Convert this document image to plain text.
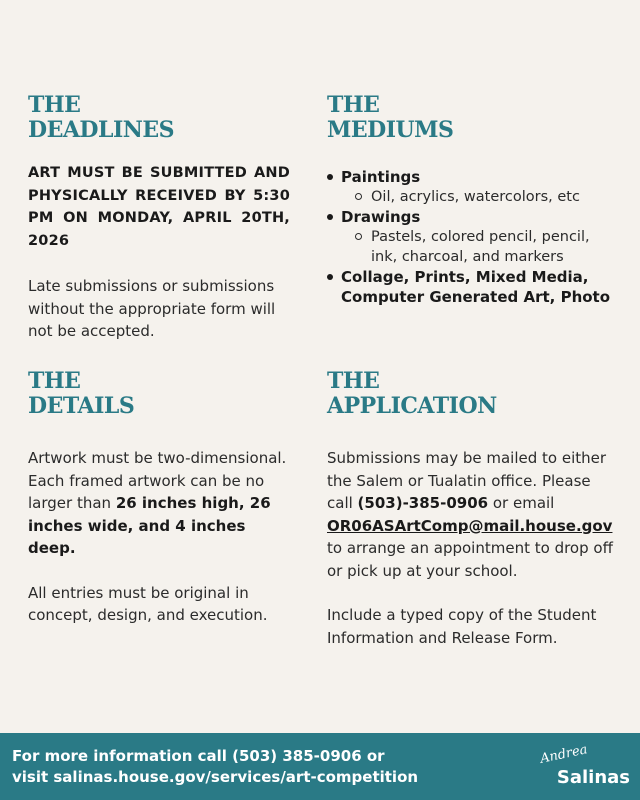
THE
DEADLINES
ART MUST BE SUBMITTED AND PHYSICALLY RECEIVED BY 5:30 PM ON MONDAY, APRIL 20TH, 2026
Late submissions or submissions without the appropriate form will not be accepted.
THE
MEDIUMS
Paintings
Oil, acrylics, watercolors, etc
Drawings
Pastels, colored pencil, pencil, ink, charcoal, and markers
Collage, Prints, Mixed Media, Computer Generated Art, Photo
THE
DETAILS
Artwork must be two-dimensional. Each framed artwork can be no larger than 26 inches high, 26 inches wide, and 4 inches deep.
All entries must be original in concept, design, and execution.
THE
APPLICATION
Submissions may be mailed to either the Salem or Tualatin office. Please call (503)-385-0906 or email OR06ASArtComp@mail.house.gov to arrange an appointment to drop off or pick up at your school.
Include a typed copy of the Student Information and Release Form.
For more information call (503) 385-0906 or
visit salinas.house.gov/services/art-competition
Andrea
Salinas
